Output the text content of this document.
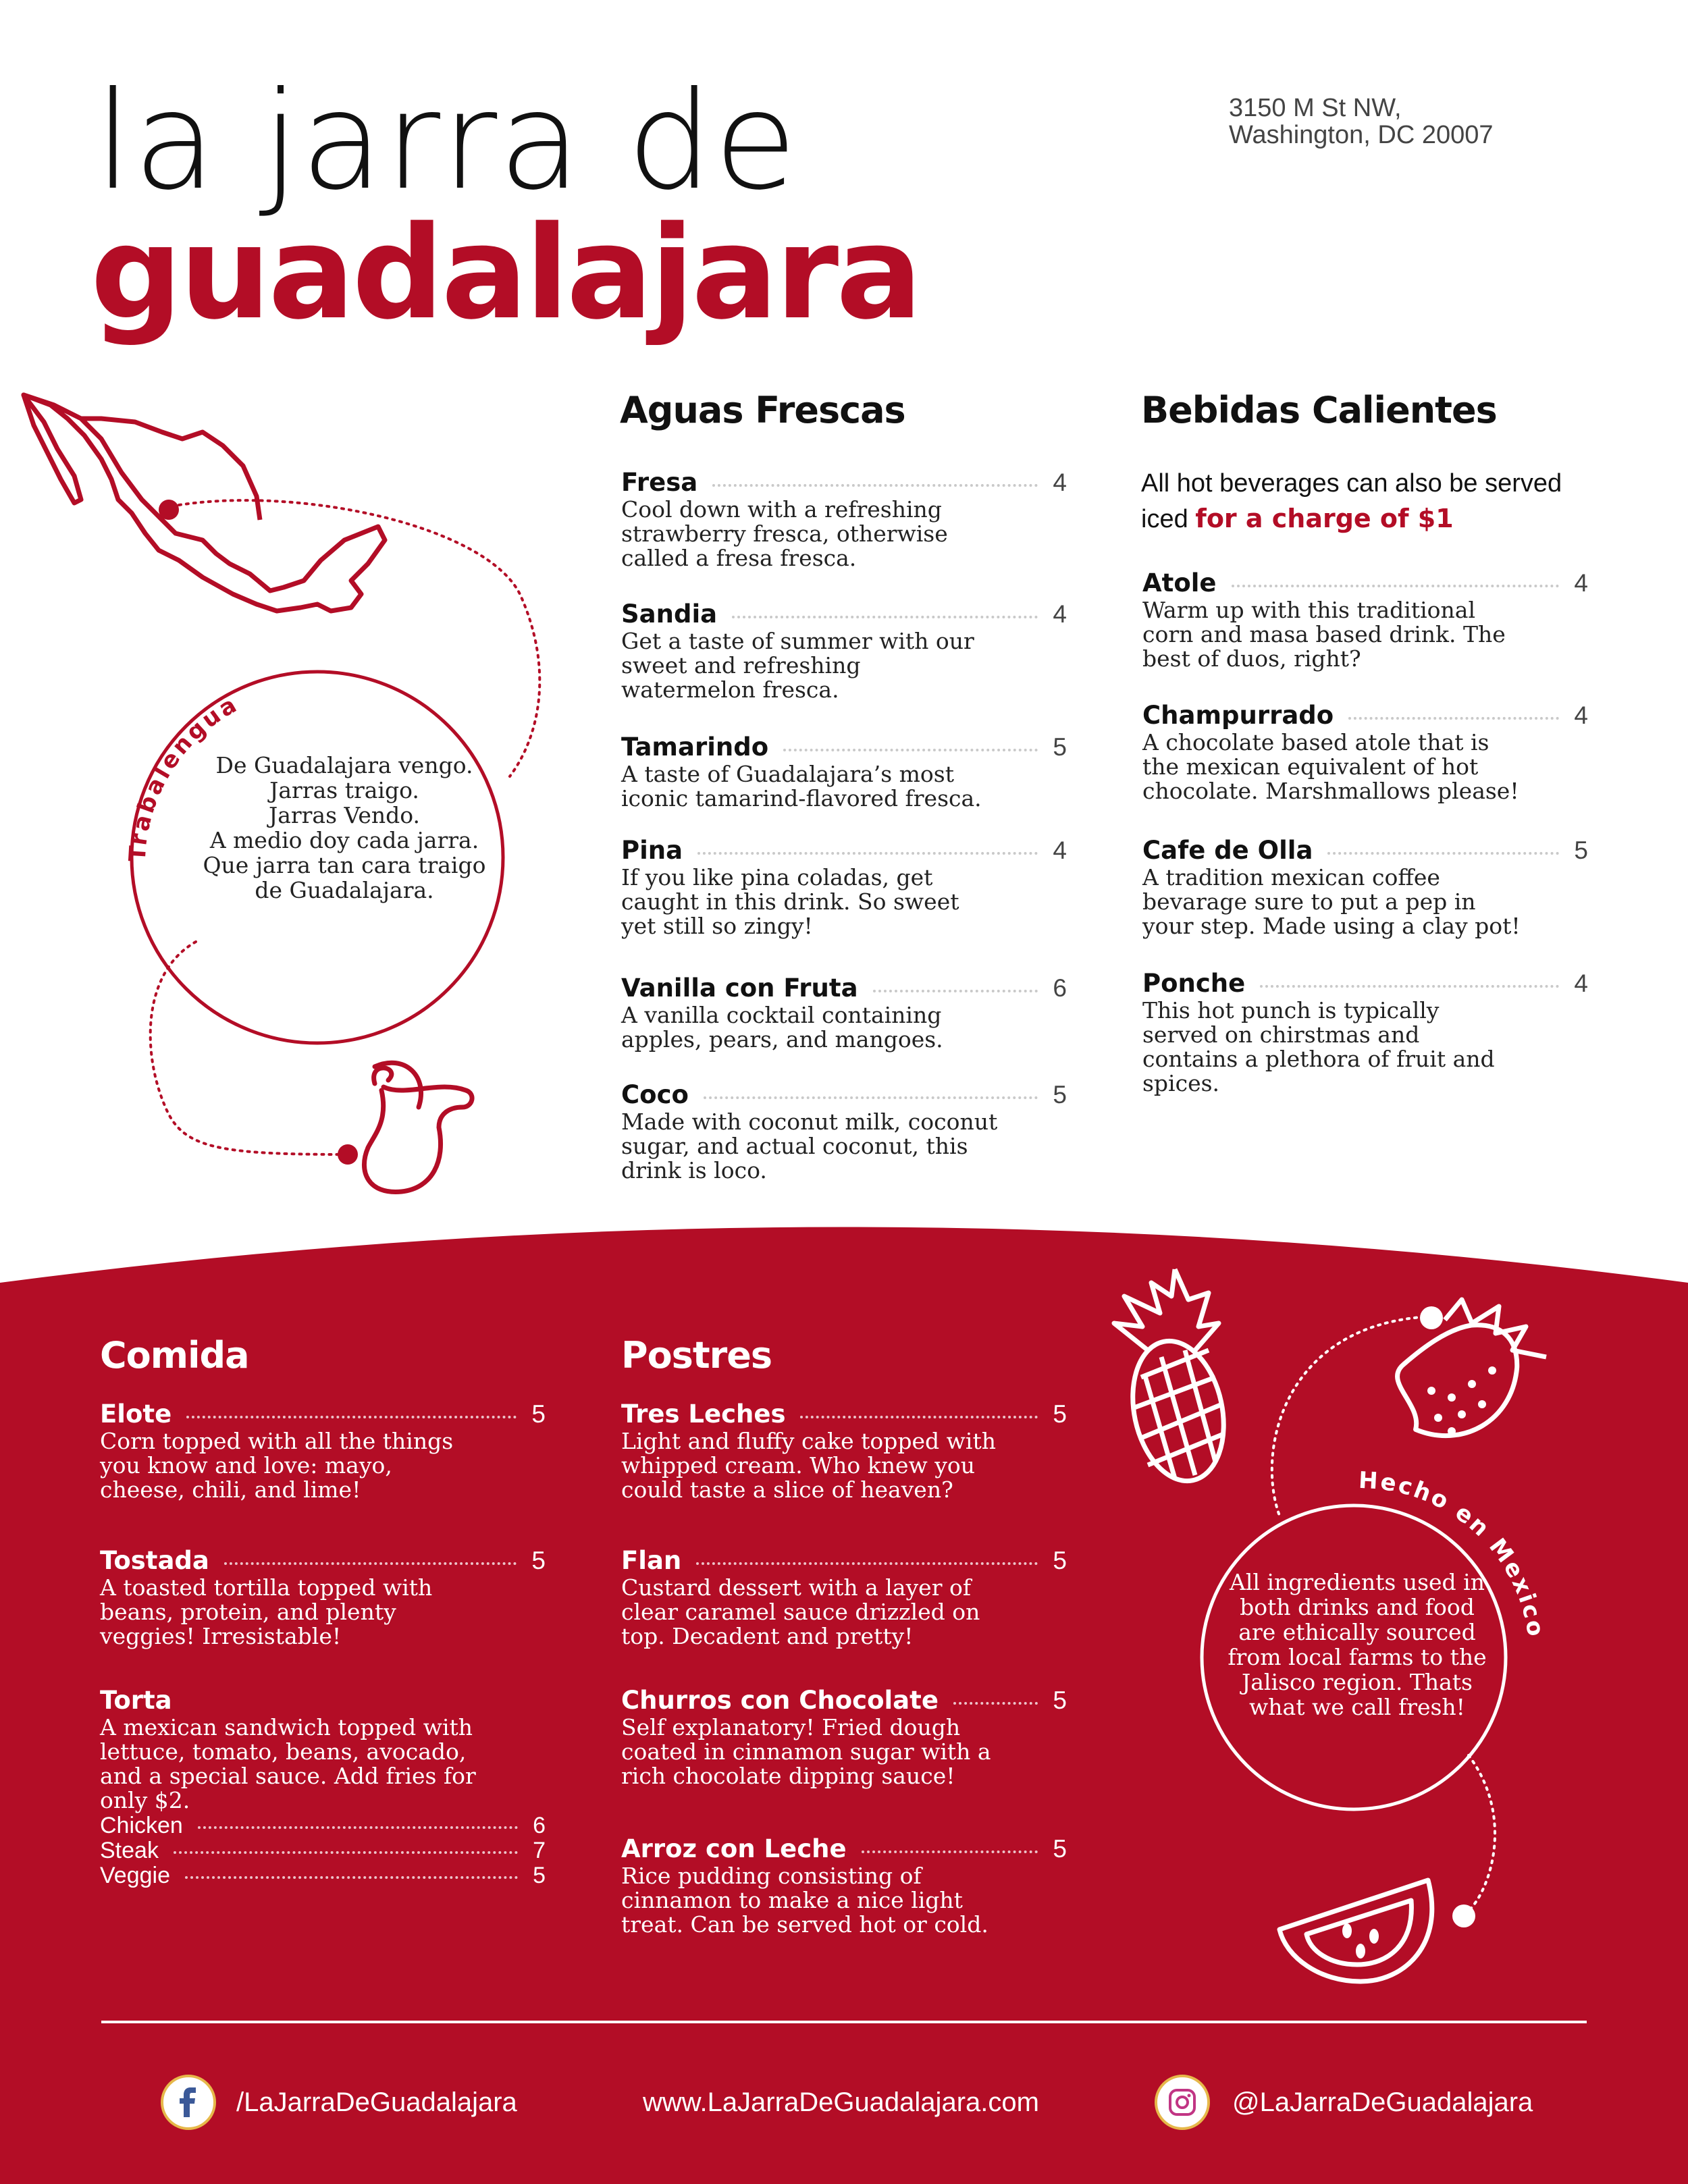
Trabalengua
Hecho en Mexico
la jarra de
guadalajara
3150 M St NW,
Washington, DC 20007
De Guadalajara vengo.
Jarras traigo.
Jarras Vendo.
A medio doy cada jarra.
Que jarra tan cara traigo
de Guadalajara.
Aguas Frescas
Fresa	4
Cool down with a refreshing strawberry fresca, otherwise called a fresa fresca.
Sandia	4
Get a taste of summer with our sweet and refreshing watermelon fresca.
Tamarindo	5
A taste of Guadalajara’s most iconic tamarind-flavored fresca.
Pina	4
If you like pina coladas, get caught in this drink. So sweet yet still so zingy!
Vanilla con Fruta	6
A vanilla cocktail containing apples, pears, and mangoes.
Coco	5
Made with coconut milk, coconut sugar, and actual coconut, this drink is loco.
Bebidas Calientes
All hot beverages can also be served iced for a charge of $1
Atole	4
Warm up with this traditional corn and masa based drink. The best of duos, right?
Champurrado	4
A chocolate based atole that is the mexican equivalent of hot chocolate. Marshmallows please!
Cafe de Olla	5
A tradition mexican coffee bevarage sure to put a pep in your step. Made using a clay pot!
Ponche	4
This hot punch is typically served on chirstmas and contains a plethora of fruit and spices.
Comida
Elote	5
Corn topped with all the things you know and love: mayo, cheese, chili, and lime!
Tostada	5
A toasted tortilla topped with beans, protein, and plenty veggies! Irresistable!
Torta
A mexican sandwich topped with lettuce, tomato, beans, avocado, and a special sauce. Add fries for only $2.
Chicken	6
Steak	7
Veggie	5
Postres
Tres Leches	5
Light and fluffy cake topped with whipped cream. Who knew you could taste a slice of heaven?
Flan	5
Custard dessert with a layer of clear caramel sauce drizzled on top. Decadent and pretty!
Churros con Chocolate	5
Self explanatory! Fried dough coated in cinnamon sugar with a rich chocolate dipping sauce!
Arroz con Leche	5
Rice pudding consisting of cinnamon to make a nice light treat. Can be served hot or cold.
All ingredients used in both drinks and food are ethically sourced from local farms to the Jalisco region. Thats what we call fresh!
/LaJarraDeGuadalajara	www.LaJarraDeGuadalajara.com	@LaJarraDeGuadalajara
